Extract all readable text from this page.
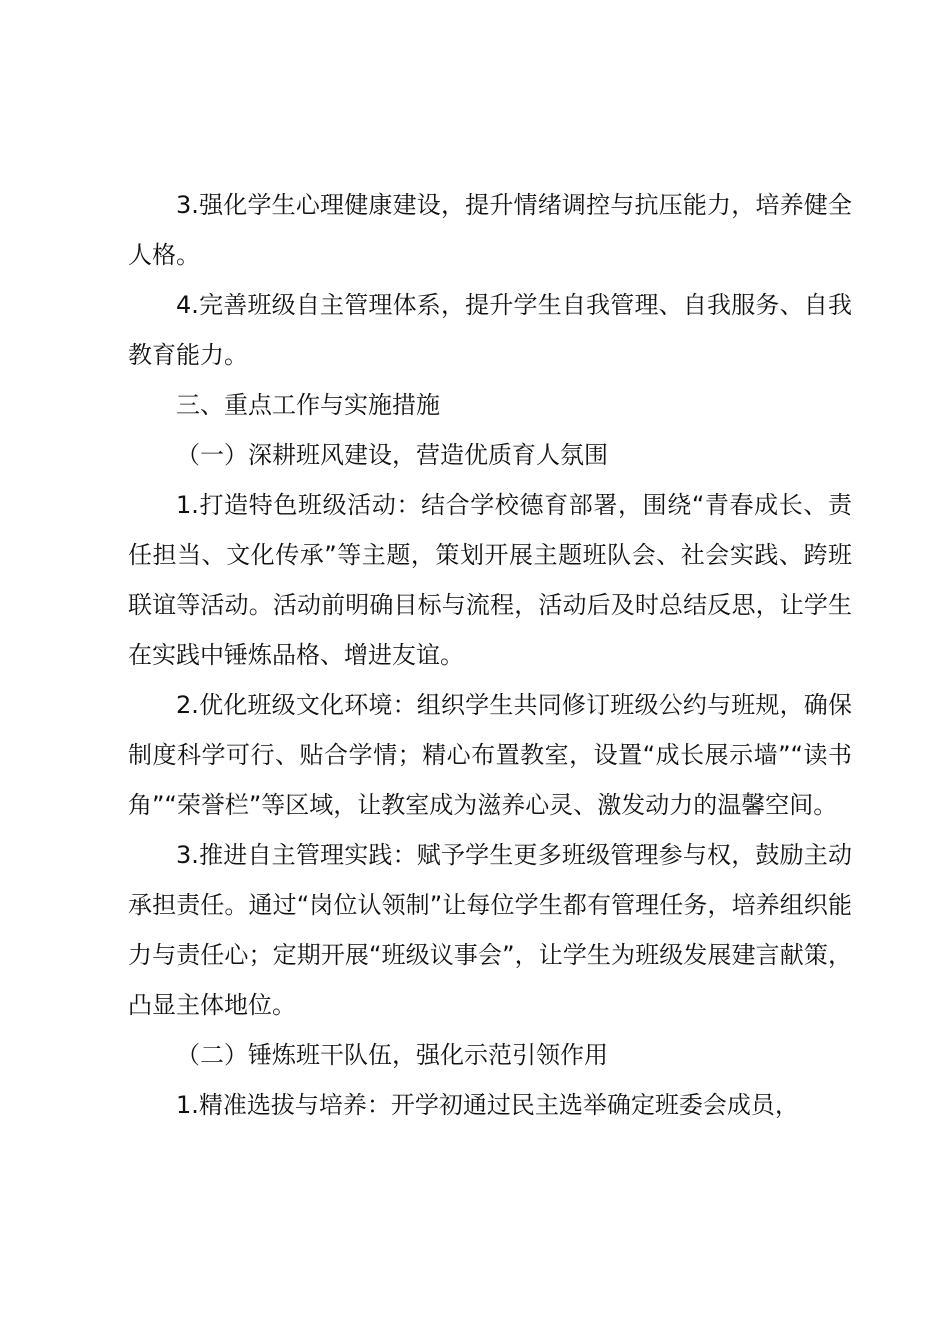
3.强化学生心理健康建设，提升情绪调控与抗压能力，培养健全人格。

4.完善班级自主管理体系，提升学生自我管理、自我服务、自我教育能力。

三、重点工作与实施措施

（一）深耕班风建设，营造优质育人氛围

1.打造特色班级活动：结合学校德育部署，围绕“青春成长、责任担当、文化传承”等主题，策划开展主题班队会、社会实践、跨班联谊等活动。活动前明确目标与流程，活动后及时总结反思，让学生在实践中锤炼品格、增进友谊。

2.优化班级文化环境：组织学生共同修订班级公约与班规，确保制度科学可行、贴合学情；精心布置教室，设置“成长展示墙”“读书角”“荣誉栏”等区域，让教室成为滋养心灵、激发动力的温馨空间。

3.推进自主管理实践：赋予学生更多班级管理参与权，鼓励主动承担责任。通过“岗位认领制”让每位学生都有管理任务，培养组织能力与责任心；定期开展“班级议事会”，让学生为班级发展建言献策，凸显主体地位。

（二）锤炼班干队伍，强化示范引领作用

1.精准选拔与培养：开学初通过民主选举确定班委会成员，
